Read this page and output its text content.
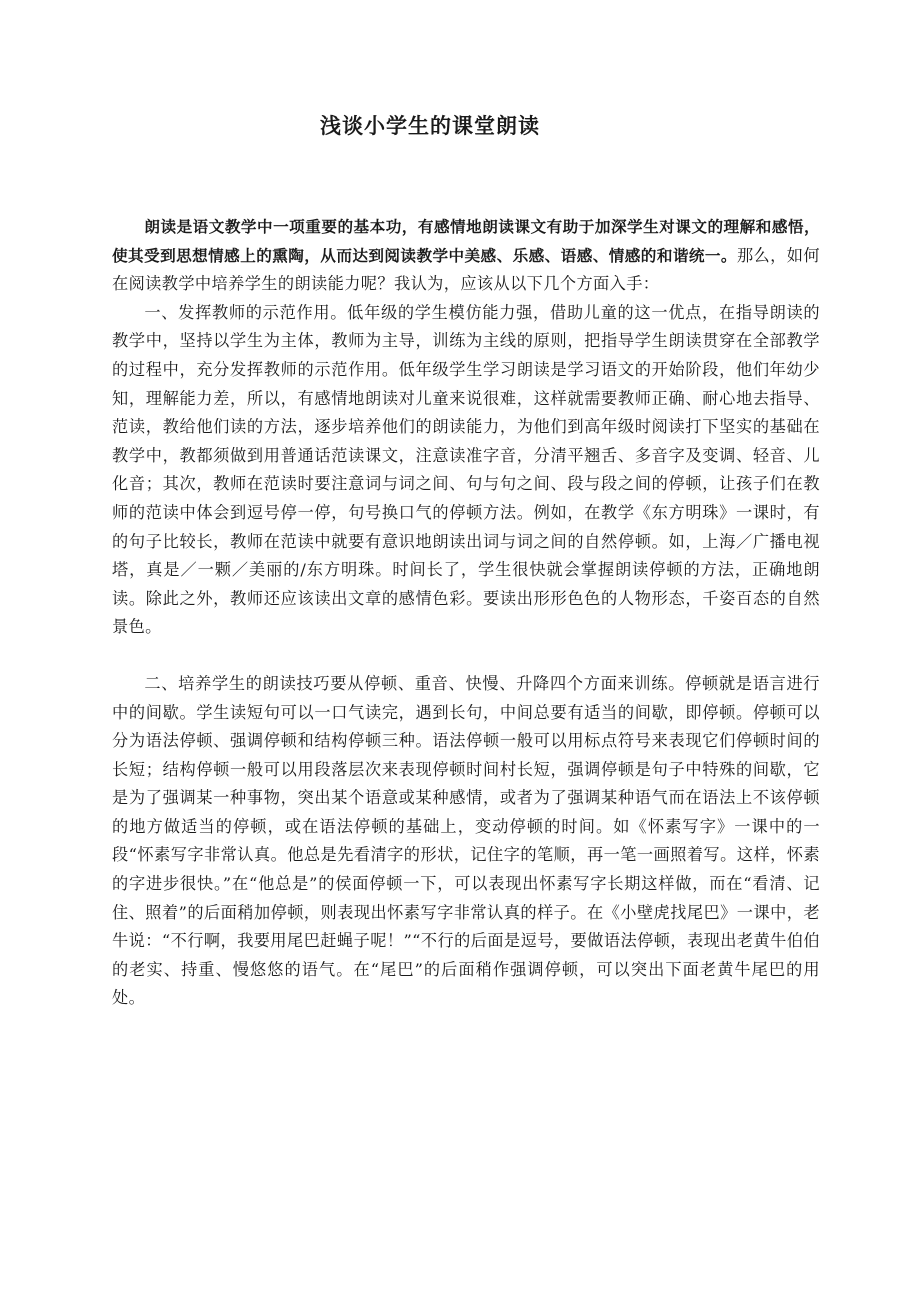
浅谈小学生的课堂朗读

朗读是语文教学中一项重要的基本功，有感情地朗读课文有助于加深学生对课文的理解和感悟，使其受到思想情感上的熏陶，从而达到阅读教学中美感、乐感、语感、情感的和谐统一。那么，如何在阅读教学中培养学生的朗读能力呢？我认为，应该从以下几个方面入手：

一、发挥教师的示范作用。低年级的学生模仿能力强，借助儿童的这一优点，在指导朗读的教学中，坚持以学生为主体，教师为主导，训练为主线的原则，把指导学生朗读贯穿在全部教学的过程中，充分发挥教师的示范作用。低年级学生学习朗读是学习语文的开始阶段，他们年幼少知，理解能力差，所以，有感情地朗读对儿童来说很难，这样就需要教师正确、耐心地去指导、范读，教给他们读的方法，逐步培养他们的朗读能力，为他们到高年级时阅读打下坚实的基础在教学中，教都须做到用普通话范读课文，注意读准字音，分清平翘舌、多音字及变调、轻音、儿化音；其次，教师在范读时要注意词与词之间、句与句之间、段与段之间的停顿，让孩子们在教师的范读中体会到逗号停一停，句号换口气的停顿方法。例如，在教学《东方明珠》一课时，有的句子比较长，教师在范读中就要有意识地朗读出词与词之间的自然停顿。如，上海／广播电视塔，真是／一颗／美丽的/东方明珠。时间长了，学生很快就会掌握朗读停顿的方法，正确地朗读。除此之外，教师还应该读出文章的感情色彩。要读出形形色色的人物形态，千姿百态的自然景色。

二、培养学生的朗读技巧要从停顿、重音、快慢、升降四个方面来训练。停顿就是语言进行中的间歇。学生读短句可以一口气读完，遇到长句，中间总要有适当的间歇，即停顿。停顿可以分为语法停顿、强调停顿和结构停顿三种。语法停顿一般可以用标点符号来表现它们停顿时间的长短；结构停顿一般可以用段落层次来表现停顿时间村长短，强调停顿是句子中特殊的间歇，它是为了强调某一种事物，突出某个语意或某种感情，或者为了强调某种语气而在语法上不该停顿的地方做适当的停顿，或在语法停顿的基础上，变动停顿的时间。如《怀素写字》一课中的一段“怀素写字非常认真。他总是先看清字的形状，记住字的笔顺，再一笔一画照着写。这样，怀素的字进步很快。”在“他总是”的侯面停顿一下，可以表现出怀素写字长期这样做，而在“看清、记住、照着”的后面稍加停顿，则表现出怀素写字非常认真的样子。在《小壁虎找尾巴》一课中，老牛说：“不行啊，我要用尾巴赶蝇子呢！”“不行的后面是逗号，要做语法停顿，表现出老黄牛伯伯的老实、持重、慢悠悠的语气。在“尾巴”的后面稍作强调停顿，可以突出下面老黄牛尾巴的用处。
